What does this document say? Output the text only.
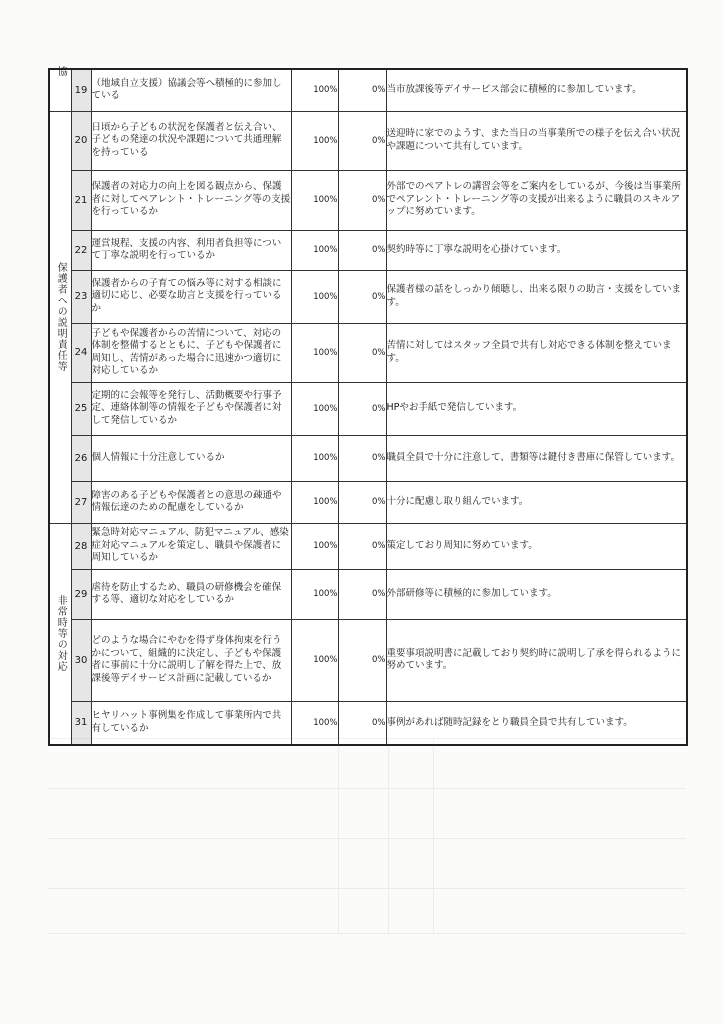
協	19	（地域自立支援）協議会等へ積極的に参加している	100%	0%	当市放課後等デイサービス部会に積極的に参加しています。

保護者への説明責任等	20	日頃から子どもの状況を保護者と伝え合い、子どもの発達の状況や課題について共通理解を持っている	100%	0%	送迎時に家でのようす、また当日の当事業所での様子を伝え合い状況や課題について共有しています。
	21	保護者の対応力の向上を図る観点から、保護者に対してペアレント・トレーニング等の支援を行っているか	100%	0%	外部でのペアトレの講習会等をご案内をしているが、今後は当事業所でペアレント・トレーニング等の支援が出来るように職員のスキルアップに努めています。
	22	運営規程、支援の内容、利用者負担等について丁寧な説明を行っているか	100%	0%	契約時等に丁寧な説明を心掛けています。
	23	保護者からの子育ての悩み等に対する相談に適切に応じ、必要な助言と支援を行っているか	100%	0%	保護者様の話をしっかり傾聴し、出来る限りの助言・支援をしています。
	24	子どもや保護者からの苦情について、対応の体制を整備するとともに、子どもや保護者に周知し、苦情があった場合に迅速かつ適切に対応しているか	100%	0%	苦情に対してはスタッフ全員で共有し対応できる体制を整えています。
	25	定期的に会報等を発行し、活動概要や行事予定、連絡体制等の情報を子どもや保護者に対して発信しているか	100%	0%	HPやお手紙で発信しています。
	26	個人情報に十分注意しているか	100%	0%	職員全員で十分に注意して、書類等は鍵付き書庫に保管しています。
	27	障害のある子どもや保護者との意思の疎通や情報伝達のための配慮をしているか	100%	0%	十分に配慮し取り組んでいます。

非常時等の対応	28	緊急時対応マニュアル、防犯マニュアル、感染症対応マニュアルを策定し、職員や保護者に周知しているか	100%	0%	策定しており周知に努めています。
	29	虐待を防止するため、職員の研修機会を確保する等、適切な対応をしているか	100%	0%	外部研修等に積極的に参加しています。
	30	どのような場合にやむを得ず身体拘束を行うかについて、組織的に決定し、子どもや保護者に事前に十分に説明し了解を得た上で、放課後等デイサービス計画に記載しているか	100%	0%	重要事項説明書に記載しており契約時に説明し了承を得られるように努めています。
	31	ヒヤリハット事例集を作成して事業所内で共有しているか	100%	0%	事例があれば随時記録をとり職員全員で共有しています。
